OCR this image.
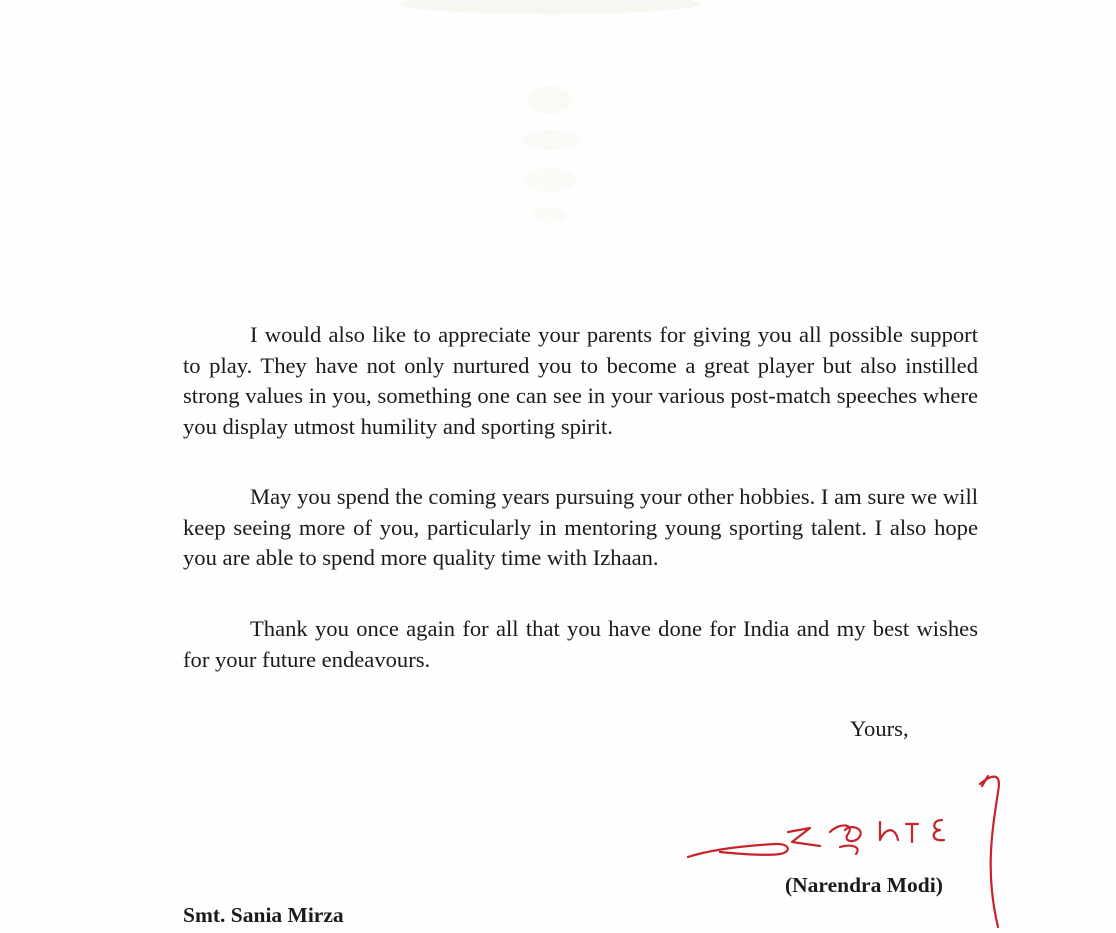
I would also like to appreciate your parents for giving you all possible support to play. They have not only nurtured you to become a great player but also instilled strong values in you, something one can see in your various post-match speeches where you display utmost humility and sporting spirit.

May you spend the coming years pursuing your other hobbies. I am sure we will keep seeing more of you, particularly in mentoring young sporting talent. I also hope you are able to spend more quality time with Izhaan.

Thank you once again for all that you have done for India and my best wishes for your future endeavours.

Yours,

(Narendra Modi)

Smt. Sania Mirza
